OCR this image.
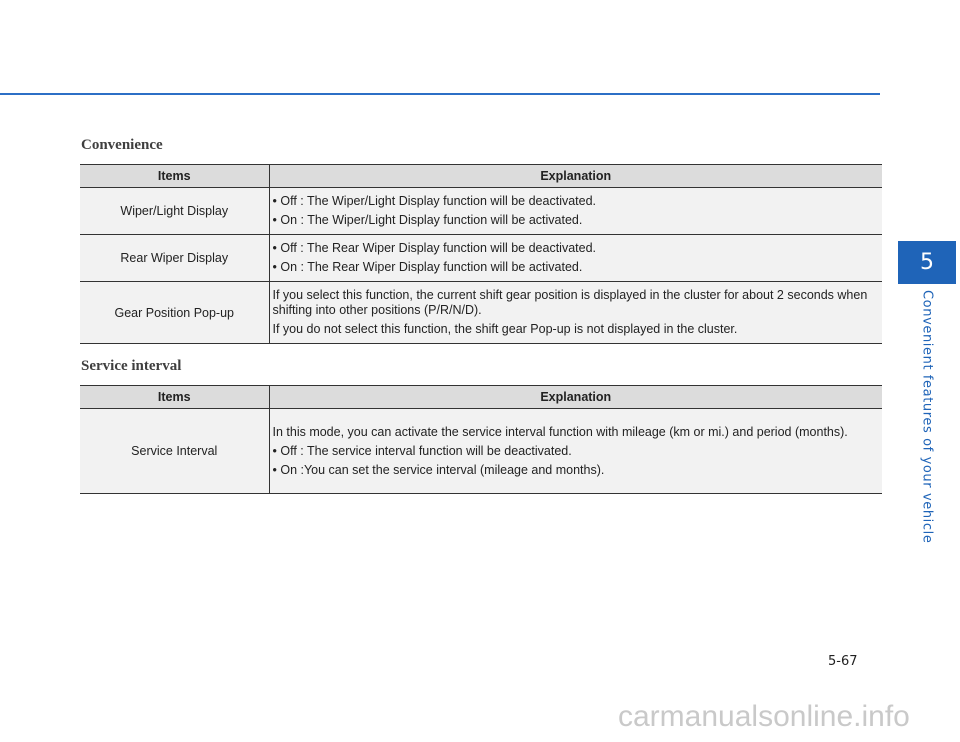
5
Convenient features of your vehicle
Convenience
Items	Explanation
Wiper/Light Display	• Off : The Wiper/Light Display function will be deactivated.

• On : The Wiper/Light Display function will be activated.

Rear Wiper Display	• Off : The Rear Wiper Display function will be deactivated.

• On : The Rear Wiper Display function will be activated.

Gear Position Pop-up	If you select this function, the current shift gear position is displayed in the cluster for about 2 seconds when shifting into other positions (P/R/N/D).

If you do not select this function, the shift gear Pop-up is not displayed in the cluster.

Service interval
Items	Explanation
Service Interval	In this mode, you can activate the service interval function with mileage (km or mi.) and period (months).

• Off : The service interval function will be deactivated.

• On :You can set the service interval (mileage and months).

5-67
carmanualsonline.info
